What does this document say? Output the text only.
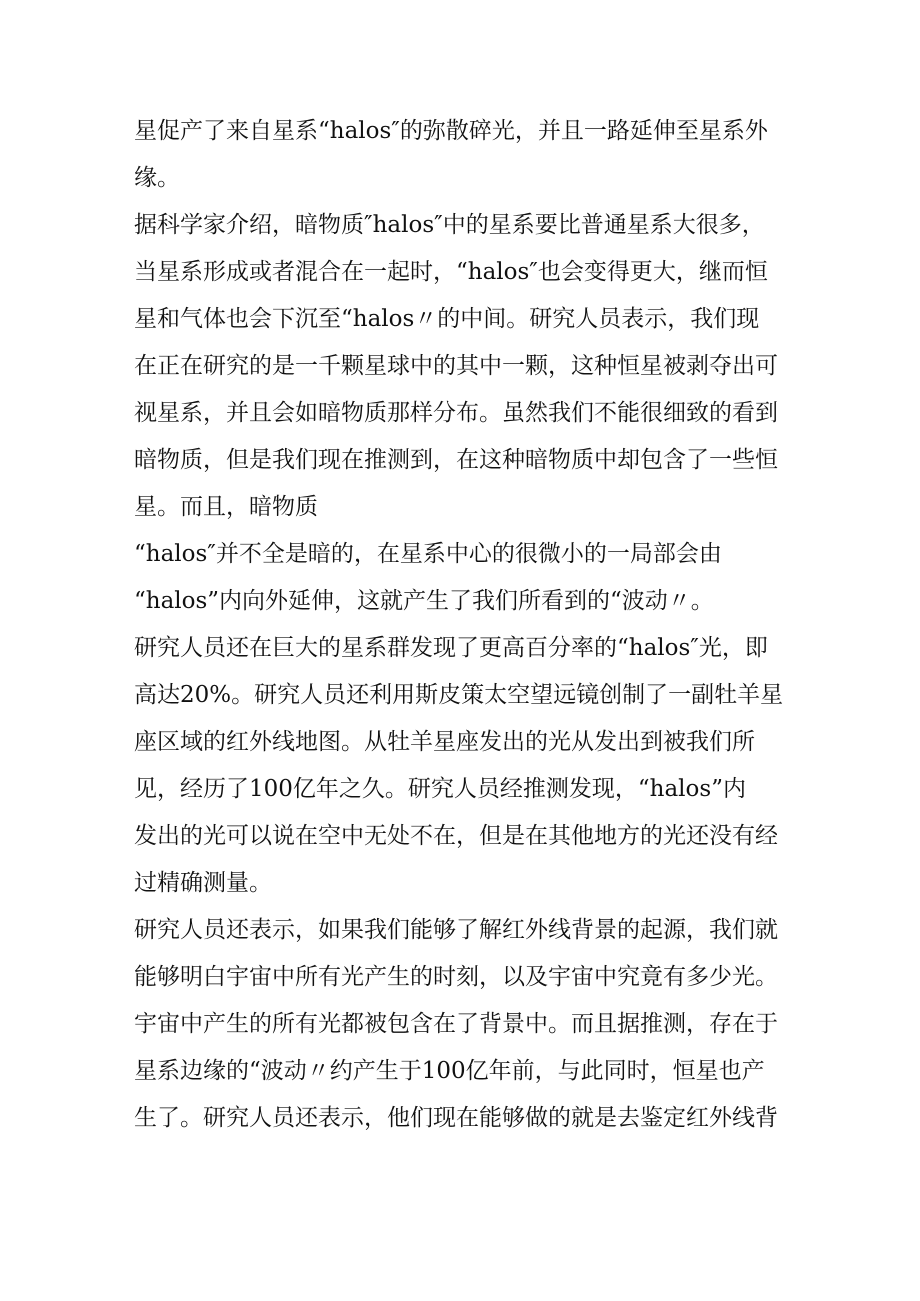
星促产了来自星系“halos″的弥散碎光，并且一路延伸至星系外
缘。
据科学家介绍，暗物质″halos″中的星系要比普通星系大很多，
当星系形成或者混合在一起时，“halos″也会变得更大，继而恒
星和气体也会下沉至“halos〃的中间。研究人员表示，我们现
在正在研究的是一千颗星球中的其中一颗，这种恒星被剥夺出可
视星系，并且会如暗物质那样分布。虽然我们不能很细致的看到
暗物质，但是我们现在推测到，在这种暗物质中却包含了一些恒
星。而且，暗物质
“halos″并不全是暗的，在星系中心的很微小的一局部会由
“halos”内向外延伸，这就产生了我们所看到的“波动〃。
研究人员还在巨大的星系群发现了更高百分率的“halos″光，即
高达20%。研究人员还利用斯皮策太空望远镜创制了一副牡羊星
座区域的红外线地图。从牡羊星座发出的光从发出到被我们所
见，经历了100亿年之久。研究人员经推测发现，“halos”内
发出的光可以说在空中无处不在，但是在其他地方的光还没有经
过精确测量。
研究人员还表示，如果我们能够了解红外线背景的起源，我们就
能够明白宇宙中所有光产生的时刻，以及宇宙中究竟有多少光。
宇宙中产生的所有光都被包含在了背景中。而且据推测，存在于
星系边缘的“波动〃约产生于100亿年前，与此同时，恒星也产
生了。研究人员还表示，他们现在能够做的就是去鉴定红外线背
